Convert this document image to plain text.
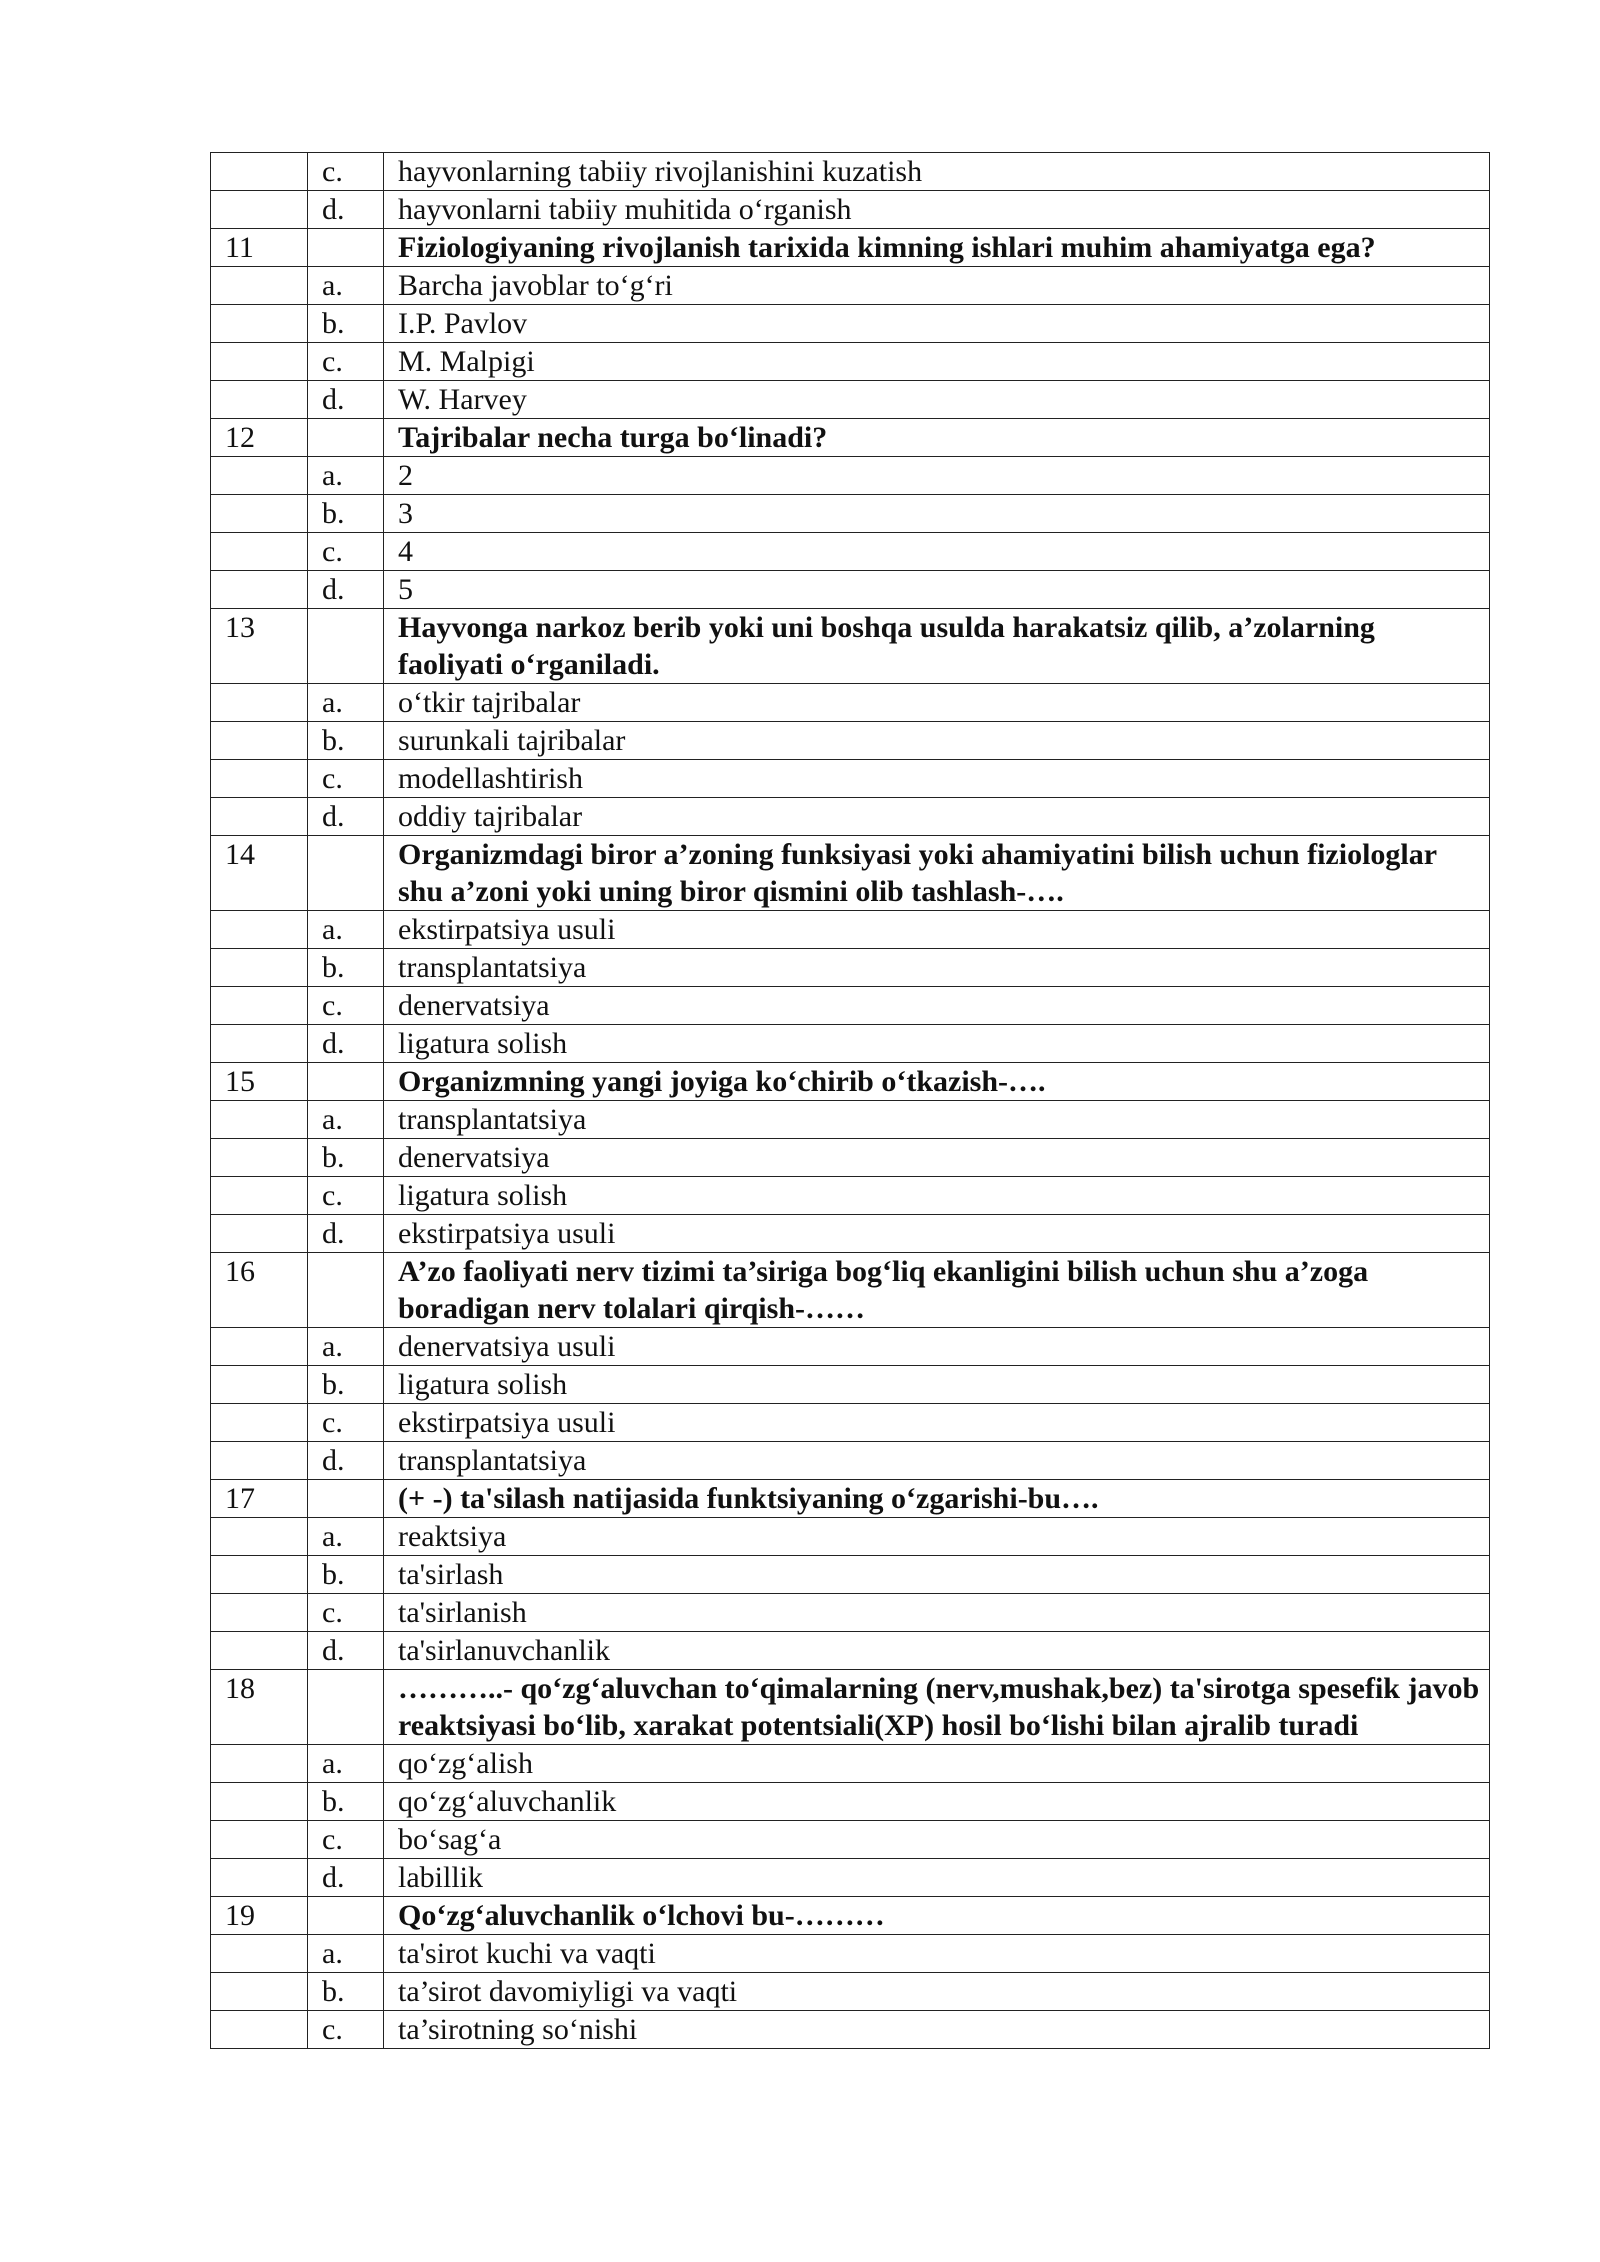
	c.	hayvonlarning tabiiy rivojlanishini kuzatish
	d.	hayvonlarni tabiiy muhitida o‘rganish
11		Fiziologiyaning rivojlanish tarixida kimning ishlari muhim ahamiyatga ega?
	a.	Barcha javoblar to‘g‘ri
	b.	I.P. Pavlov
	c.	M. Malpigi
	d.	W. Harvey
12		Tajribalar necha turga bo‘linadi?
	a.	2
	b.	3
	c.	4
	d.	5
13		Hayvonga narkoz berib yoki uni boshqa usulda harakatsiz qilib, a’zolarning faoliyati o‘rganiladi.
	a.	o‘tkir tajribalar
	b.	surunkali tajribalar
	c.	modellashtirish
	d.	oddiy tajribalar
14		Organizmdagi biror a’zoning funksiyasi yoki ahamiyatini bilish uchun fiziologlar shu a’zoni yoki uning biror qismini olib tashlash-….
	a.	ekstirpatsiya usuli
	b.	transplantatsiya
	c.	denervatsiya
	d.	ligatura solish
15		Organizmning yangi joyiga ko‘chirib o‘tkazish-….
	a.	transplantatsiya
	b.	denervatsiya
	c.	ligatura solish
	d.	ekstirpatsiya usuli
16		A’zo faoliyati nerv tizimi ta’siriga bog‘liq ekanligini bilish uchun shu a’zoga boradigan nerv tolalari qirqish-……
	a.	denervatsiya usuli
	b.	ligatura solish
	c.	ekstirpatsiya usuli
	d.	transplantatsiya
17		(+ -) ta'silash natijasida funktsiyaning o‘zgarishi-bu….
	a.	reaktsiya
	b.	ta'sirlash
	c.	ta'sirlanish
	d.	ta'sirlanuvchanlik
18		………..- qo‘zg‘aluvchan to‘qimalarning (nerv,mushak,bez) ta'sirotga spesefik javob reaktsiyasi bo‘lib, xarakat potentsiali(XP) hosil bo‘lishi bilan ajralib turadi
	a.	qo‘zg‘alish
	b.	qo‘zg‘aluvchanlik
	c.	bo‘sag‘a
	d.	labillik
19		Qo‘zg‘aluvchanlik o‘lchovi bu-………
	a.	ta'sirot kuchi va vaqti
	b.	ta’sirot davomiyligi va vaqti
	c.	ta’sirotning so‘nishi
